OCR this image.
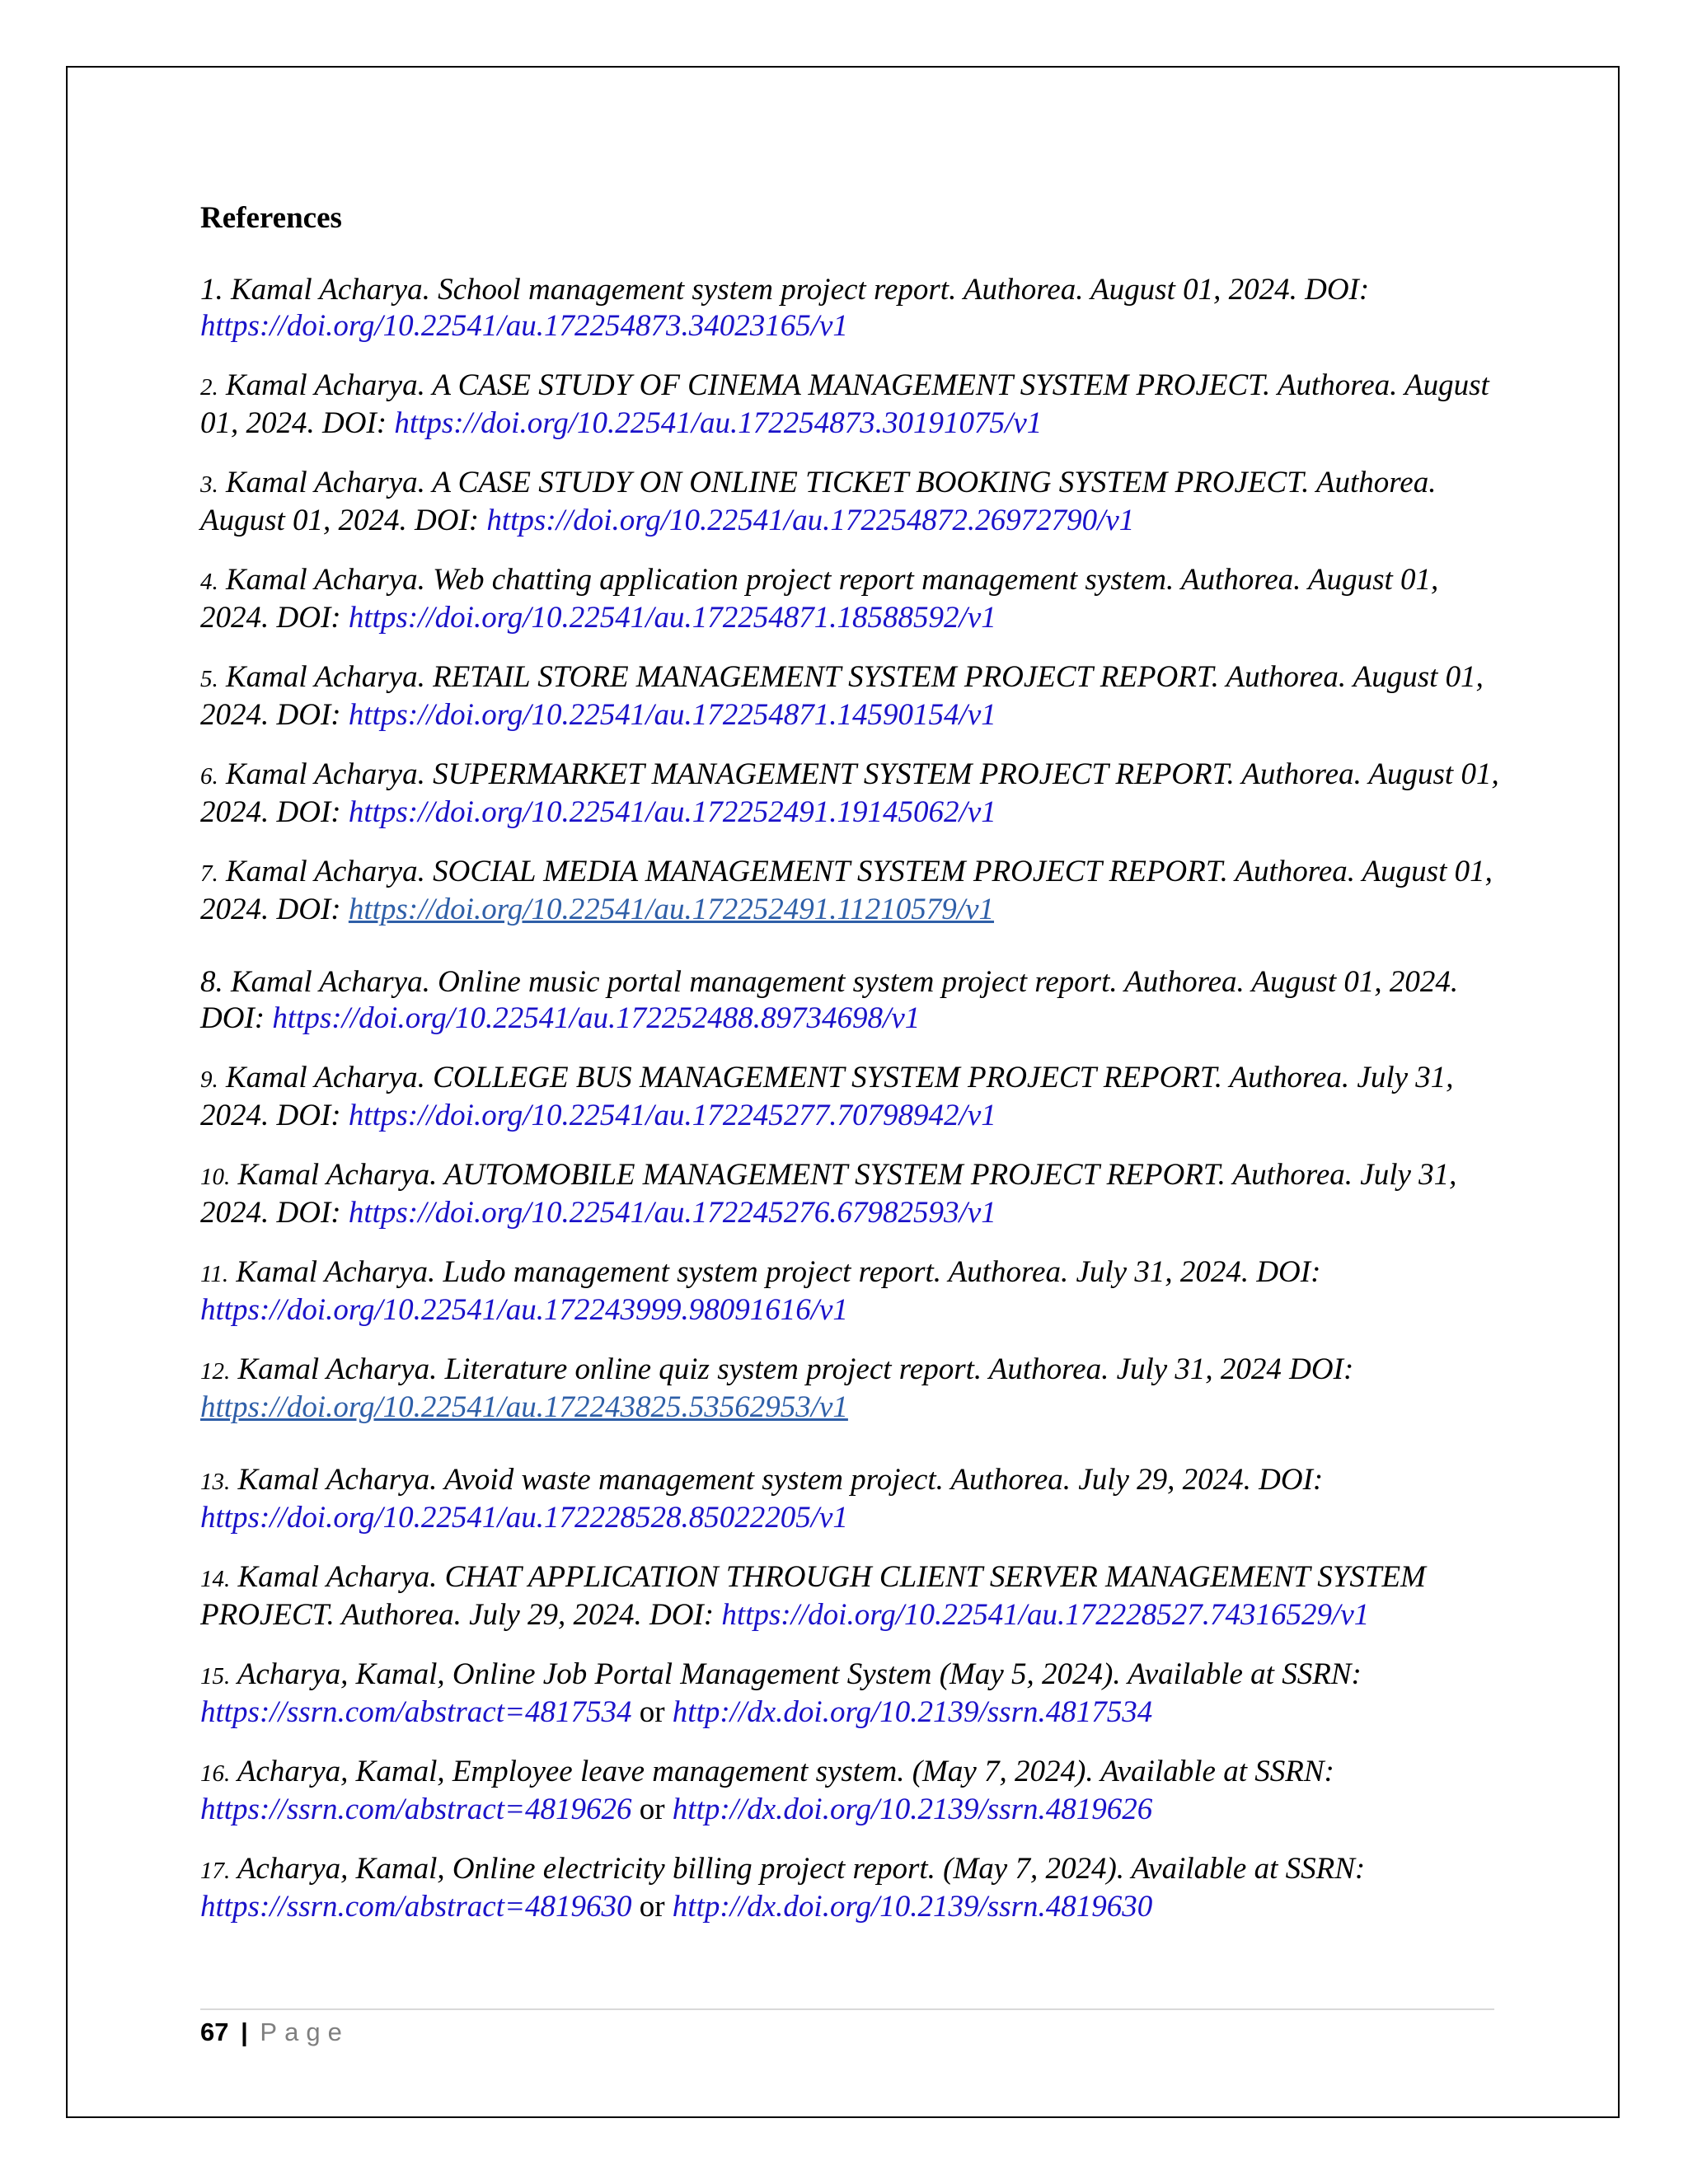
References
1. Kamal Acharya. School management system project report. Authorea. August 01, 2024. DOI: https://doi.org/10.22541/au.172254873.34023165/v1
2. Kamal Acharya. A CASE STUDY OF CINEMA MANAGEMENT SYSTEM PROJECT. Authorea. August 01, 2024. DOI: https://doi.org/10.22541/au.172254873.30191075/v1
3. Kamal Acharya. A CASE STUDY ON ONLINE TICKET BOOKING SYSTEM PROJECT. Authorea. August 01, 2024. DOI: https://doi.org/10.22541/au.172254872.26972790/v1
4. Kamal Acharya. Web chatting application project report management system. Authorea. August 01, 2024. DOI: https://doi.org/10.22541/au.172254871.18588592/v1
5. Kamal Acharya. RETAIL STORE MANAGEMENT SYSTEM PROJECT REPORT. Authorea. August 01, 2024. DOI: https://doi.org/10.22541/au.172254871.14590154/v1
6. Kamal Acharya. SUPERMARKET MANAGEMENT SYSTEM PROJECT REPORT. Authorea. August 01, 2024. DOI: https://doi.org/10.22541/au.172252491.19145062/v1
7. Kamal Acharya. SOCIAL MEDIA MANAGEMENT SYSTEM PROJECT REPORT. Authorea. August 01, 2024. DOI: https://doi.org/10.22541/au.172252491.11210579/v1
8. Kamal Acharya. Online music portal management system project report. Authorea. August 01, 2024. DOI: https://doi.org/10.22541/au.172252488.89734698/v1
9. Kamal Acharya. COLLEGE BUS MANAGEMENT SYSTEM PROJECT REPORT. Authorea. July 31, 2024. DOI: https://doi.org/10.22541/au.172245277.70798942/v1
10. Kamal Acharya. AUTOMOBILE MANAGEMENT SYSTEM PROJECT REPORT. Authorea. July 31, 2024. DOI: https://doi.org/10.22541/au.172245276.67982593/v1
11. Kamal Acharya. Ludo management system project report. Authorea. July 31, 2024. DOI: https://doi.org/10.22541/au.172243999.98091616/v1
12. Kamal Acharya. Literature online quiz system project report. Authorea. July 31, 2024 DOI: https://doi.org/10.22541/au.172243825.53562953/v1
13. Kamal Acharya. Avoid waste management system project. Authorea. July 29, 2024. DOI: https://doi.org/10.22541/au.172228528.85022205/v1
14. Kamal Acharya. CHAT APPLICATION THROUGH CLIENT SERVER MANAGEMENT SYSTEM PROJECT. Authorea. July 29, 2024. DOI: https://doi.org/10.22541/au.172228527.74316529/v1
15. Acharya, Kamal, Online Job Portal Management System (May 5, 2024). Available at SSRN: https://ssrn.com/abstract=4817534 or http://dx.doi.org/10.2139/ssrn.4817534
16. Acharya, Kamal, Employee leave management system. (May 7, 2024). Available at SSRN: https://ssrn.com/abstract=4819626 or http://dx.doi.org/10.2139/ssrn.4819626
17. Acharya, Kamal, Online electricity billing project report. (May 7, 2024). Available at SSRN: https://ssrn.com/abstract=4819630 or http://dx.doi.org/10.2139/ssrn.4819630
67 | Page
